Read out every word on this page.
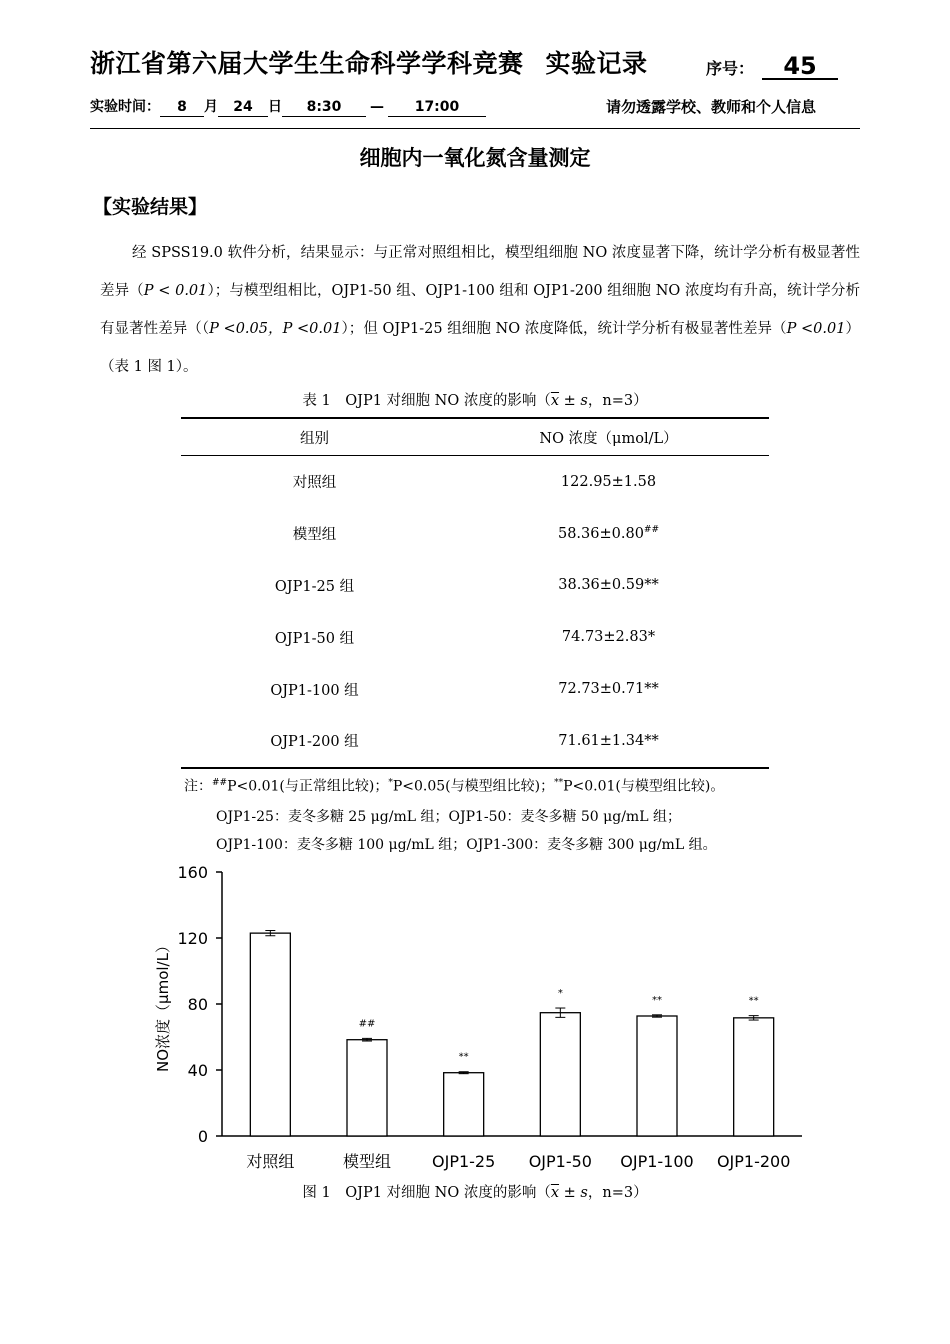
浙江省第六届大学生生命科学学科竞赛 实验记录	序号： 45
实验时间： 8 月 24 日 8:30 — 17:00	请勿透露学校、教师和个人信息
细胞内一氧化氮含量测定
【实验结果】

经 SPSS19.0 软件分析，结果显示：与正常对照组相比，模型组细胞 NO 浓度显著下降，统计学分析有极显著性差异（P < 0.01）；与模型组相比，OJP1-50 组、OJP1-100 组和 OJP1-200 组细胞 NO 浓度均有升高，统计学分析有显著性差异（（P <0.05，P <0.01）；但 OJP1-25 组细胞 NO 浓度降低，统计学分析有极显著性差异（P <0.01）（表 1 图 1）。

表 1　OJP1 对细胞 NO 浓度的影响（$\overline{x} \pm s$，n=3）
组别	NO 浓度（μmol/L）
对照组	122.95±1.58
模型组	58.36±0.80##
OJP1-25 组	38.36±0.59**
OJP1-50 组	74.73±2.83*
OJP1-100 组	72.73±0.71**
OJP1-200 组	71.61±1.34**
注：##P<0.01(与正常组比较)；*P<0.05(与模型组比较)；**P<0.01(与模型组比较)。
OJP1-25：麦冬多糖 25 μg/mL 组；OJP1-50：麦冬多糖 50 μg/mL 组；
OJP1-100：麦冬多糖 100 μg/mL 组；OJP1-300：麦冬多糖 300 μg/mL 组。
0
40
80
120
160
NO浓度（μmol/L）
对照组
##
模型组
**
OJP1-25
*
OJP1-50
**
OJP1-100
**
OJP1-200
图 1　OJP1 对细胞 NO 浓度的影响（$\overline{x} \pm s$，n=3）
